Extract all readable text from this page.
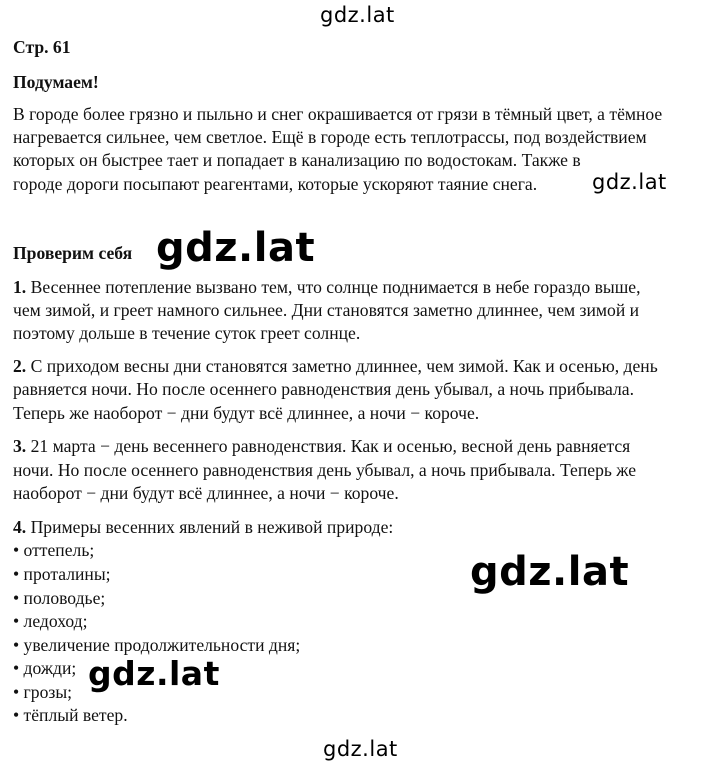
gdz.lat

Стр. 61

Подумаем!

В городе более грязно и пыльно и снег окрашивается от грязи в тёмный цвет, а тёмное

нагревается сильнее, чем светлое. Ещё в городе есть теплотрассы, под воздействием

которых он быстрее тает и попадает в канализацию по водостокам. Также в

городе дороги посыпают реагентами, которые ускоряют таяние снега.	gdz.lat

Проверим себя gdz.lat

1. Весеннее потепление вызвано тем, что солнце поднимается в небе гораздо выше,

чем зимой, и греет намного сильнее. Дни становятся заметно длиннее, чем зимой и

поэтому дольше в течение суток греет солнце.

2. С приходом весны дни становятся заметно длиннее, чем зимой. Как и осенью, день

равняется ночи. Но после осеннего равноденствия день убывал, а ночь прибывала.

Теперь же наоборот − дни будут всё длиннее, а ночи − короче.

3. 21 марта − день весеннего равноденствия. Как и осенью, весной день равняется

ночи. Но после осеннего равноденствия день убывал, а ночь прибывала. Теперь же

наоборот − дни будут всё длиннее, а ночи − короче.

4. Примеры весенних явлений в неживой природе:

• оттепель;

• проталины;

• половодье;

• ледоход;

• увеличение продолжительности дня;

• дожди;

• грозы;

• тёплый ветер.

gdz.lat
gdz.lat
gdz.lat
